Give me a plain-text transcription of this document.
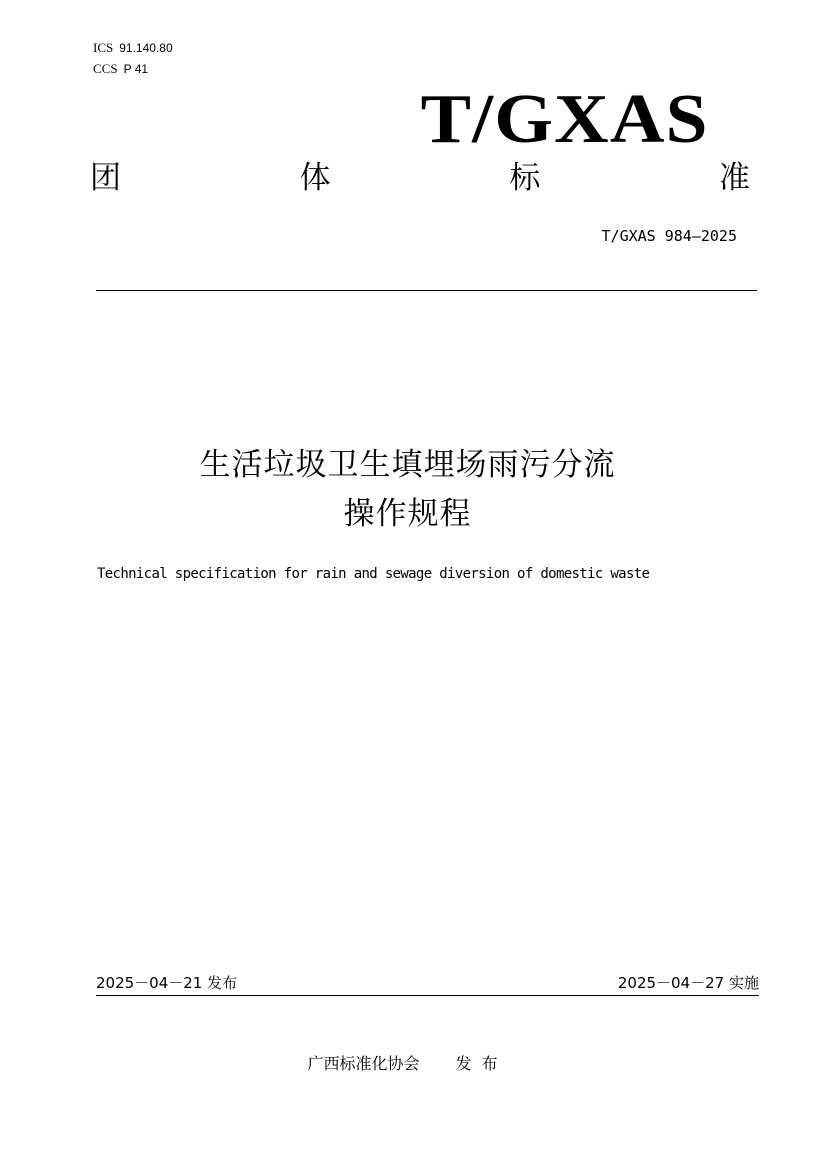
ICS 91.140.80
CCS P 41
T/GXAS
团	体	标	准
T/GXAS 984—2025
生活垃圾卫生填埋场雨污分流
操作规程
Technical specification for rain and sewage diversion of domestic waste
2025－04－21 发布	2025－04－27 实施
广西标准化协会 发布
